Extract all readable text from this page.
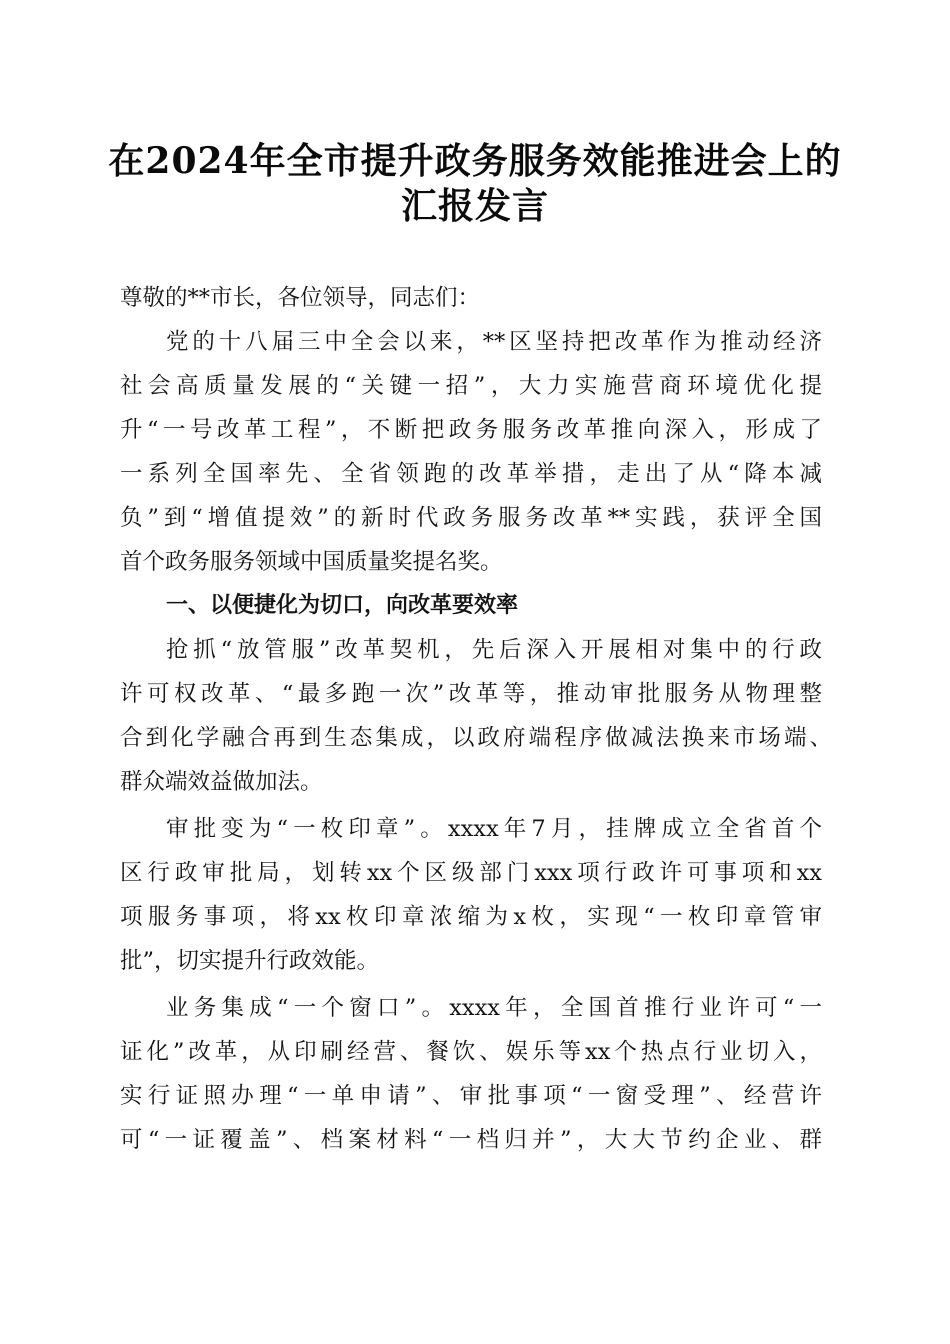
在2024年全市提升政务服务效能推进会上的
汇报发言
尊敬的**市长，各位领导，同志们：
党的十八届三中全会以来，**区坚持把改革作为推动经济
社会高质量发展的“关键一招”，大力实施营商环境优化提
升“一号改革工程”，不断把政务服务改革推向深入，形成了
一系列全国率先、全省领跑的改革举措，走出了从“降本减
负”到“增值提效”的新时代政务服务改革**实践，获评全国
首个政务服务领域中国质量奖提名奖。
一、以便捷化为切口，向改革要效率
抢抓“放管服”改革契机，先后深入开展相对集中的行政
许可权改革、“最多跑一次”改革等，推动审批服务从物理整
合到化学融合再到生态集成，以政府端程序做减法换来市场端、
群众端效益做加法。
审批变为“一枚印章”。xxxx年7月，挂牌成立全省首个
区行政审批局，划转xx个区级部门xxx项行政许可事项和xx
项服务事项，将xx枚印章浓缩为x枚，实现“一枚印章管审
批”，切实提升行政效能。
业务集成“一个窗口”。xxxx年，全国首推行业许可“一
证化”改革，从印刷经营、餐饮、娱乐等xx个热点行业切入，
实行证照办理“一单申请”、审批事项“一窗受理”、经营许
可“一证覆盖”、档案材料“一档归并”，大大节约企业、群
